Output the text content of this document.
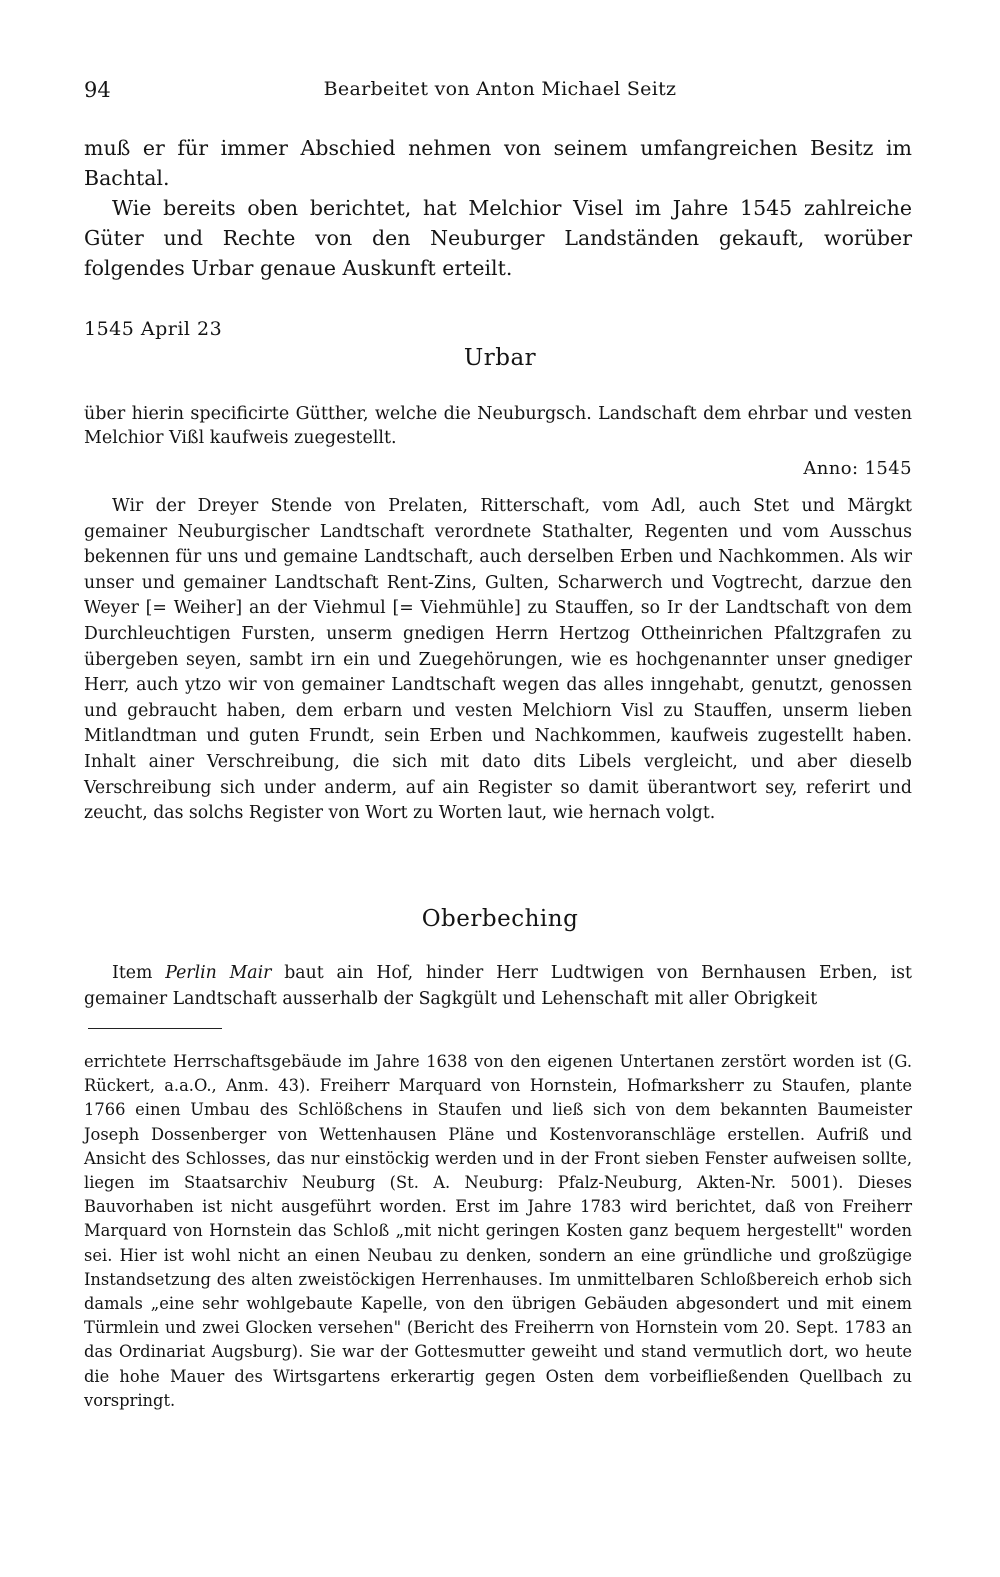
94	Bearbeitet von Anton Michael Seitz

muß er für immer Abschied nehmen von seinem umfangreichen Besitz im Bachtal.

Wie bereits oben berichtet, hat Melchior Visel im Jahre 1545 zahlreiche Güter und Rechte von den Neuburger Landständen gekauft, worüber folgendes Urbar genaue Auskunft erteilt.

1545 April 23
Urbar
über hierin specificirte Gütther, welche die Neuburgsch. Landschaft dem ehrbar und vesten Melchior Vißl kaufweis zuegestellt.
Anno: 1545
Wir der Dreyer Stende von Prelaten, Ritterschaft, vom Adl, auch Stet und Märgkt gemainer Neuburgischer Landtschaft verordnete Stathalter, Regenten und vom Ausschus bekennen für uns und gemaine Landtschaft, auch derselben Erben und Nachkommen. Als wir unser und gemainer Landtschaft Rent-Zins, Gulten, Scharwerch und Vogtrecht, darzue den Weyer [= Weiher] an der Viehmul [= Viehmühle] zu Stauffen, so Ir der Landtschaft von dem Durchleuchtigen Fursten, unserm gnedigen Herrn Hertzog Ottheinrichen Pfaltzgrafen zu übergeben seyen, sambt irn ein und Zuegehörungen, wie es hochgenannter unser gnediger Herr, auch ytzo wir von gemainer Landtschaft wegen das alles inngehabt, genutzt, genossen und gebraucht haben, dem erbarn und vesten Melchiorn Visl zu Stauffen, unserm lieben Mitlandtman und guten Frundt, sein Erben und Nachkommen, kaufweis zugestellt haben. Inhalt ainer Verschreibung, die sich mit dato dits Libels vergleicht, und aber dieselb Verschreibung sich under anderm, auf ain Register so damit überantwort sey, referirt und zeucht, das solchs Register von Wort zu Worten laut, wie hernach volgt.
Oberbeching
Item Perlin Mair baut ain Hof, hinder Herr Ludtwigen von Bernhausen Erben, ist gemainer Landtschaft ausserhalb der Sagkgült und Lehenschaft mit aller Obrigkeit
errichtete Herrschaftsgebäude im Jahre 1638 von den eigenen Untertanen zerstört worden ist (G. Rückert, a.a.O., Anm. 43). Freiherr Marquard von Hornstein, Hofmarksherr zu Staufen, plante 1766 einen Umbau des Schlößchens in Staufen und ließ sich von dem bekannten Baumeister Joseph Dossenberger von Wettenhausen Pläne und Kostenvoranschläge erstellen. Aufriß und Ansicht des Schlosses, das nur einstöckig werden und in der Front sieben Fenster aufweisen sollte, liegen im Staatsarchiv Neuburg (St. A. Neuburg: Pfalz-Neuburg, Akten-Nr. 5001). Dieses Bauvorhaben ist nicht ausgeführt worden. Erst im Jahre 1783 wird berichtet, daß von Freiherr Marquard von Hornstein das Schloß „mit nicht geringen Kosten ganz bequem hergestellt" worden sei. Hier ist wohl nicht an einen Neubau zu denken, sondern an eine gründliche und großzügige Instandsetzung des alten zweistöckigen Herrenhauses. Im unmittelbaren Schloßbereich erhob sich damals „eine sehr wohlgebaute Kapelle, von den übrigen Gebäuden abgesondert und mit einem Türmlein und zwei Glocken versehen" (Bericht des Freiherrn von Hornstein vom 20. Sept. 1783 an das Ordinariat Augsburg). Sie war der Gottesmutter geweiht und stand vermutlich dort, wo heute die hohe Mauer des Wirtsgartens erkerartig gegen Osten dem vorbeifließenden Quellbach zu vorspringt.
